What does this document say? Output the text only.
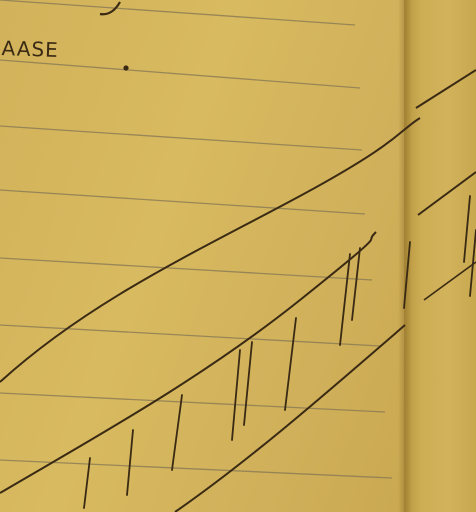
AASE
